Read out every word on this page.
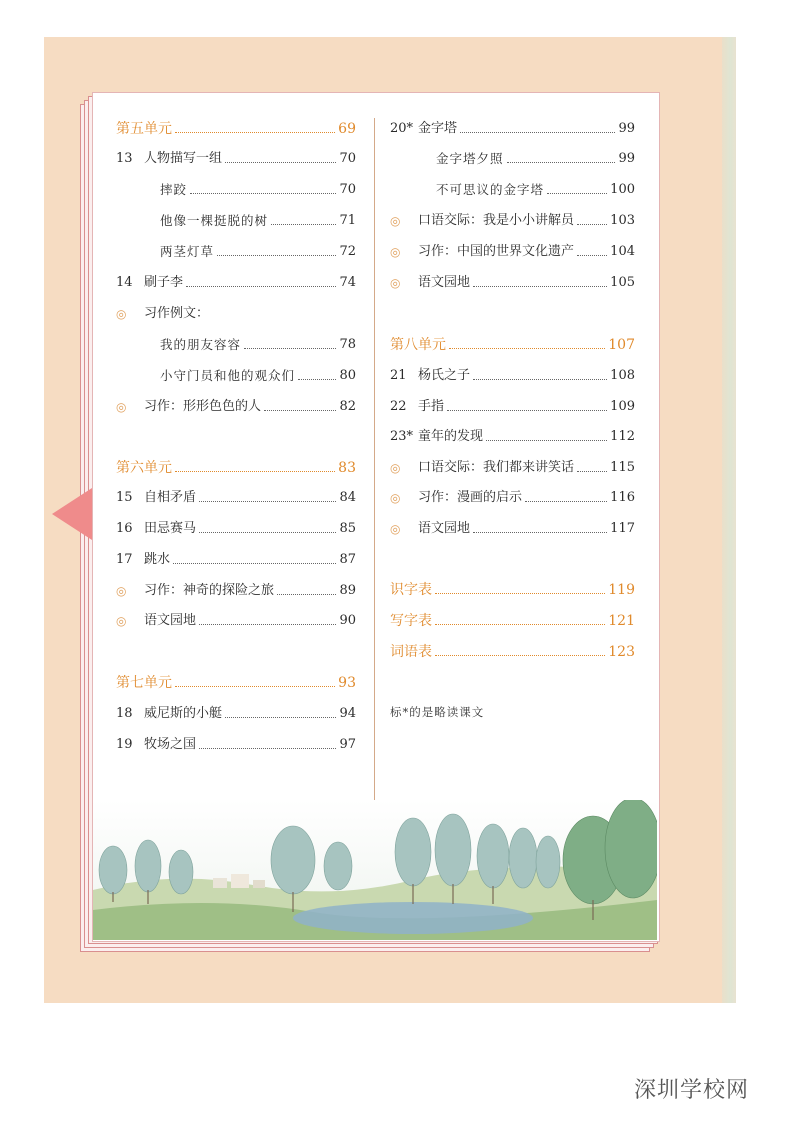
第五单元	69
13 人物描写一组	70
摔跤	70
他像一棵挺脱的树	71
两茎灯草	72
14 刷子李	74
◎	习作例文：
我的朋友容容	78
小守门员和他的观众们	80
◎	习作：形形色色的人	82
第六单元	83
15 自相矛盾	84
16 田忌赛马	85
17 跳水	87
◎	习作：神奇的探险之旅	89
◎	语文园地	90
第七单元	93
18 威尼斯的小艇	94
19 牧场之国	97
20* 金字塔	99
金字塔夕照	99
不可思议的金字塔	100
◎	口语交际：我是小小讲解员	103
◎	习作：中国的世界文化遗产	104
◎	语文园地	105
第八单元	107
21 杨氏之子	108
22 手指	109
23* 童年的发现	112
◎	口语交际：我们都来讲笑话	115
◎	习作：漫画的启示	116
◎	语文园地	117
识字表	119
写字表	121
词语表	123
标*的是略读课文
深圳学校网
